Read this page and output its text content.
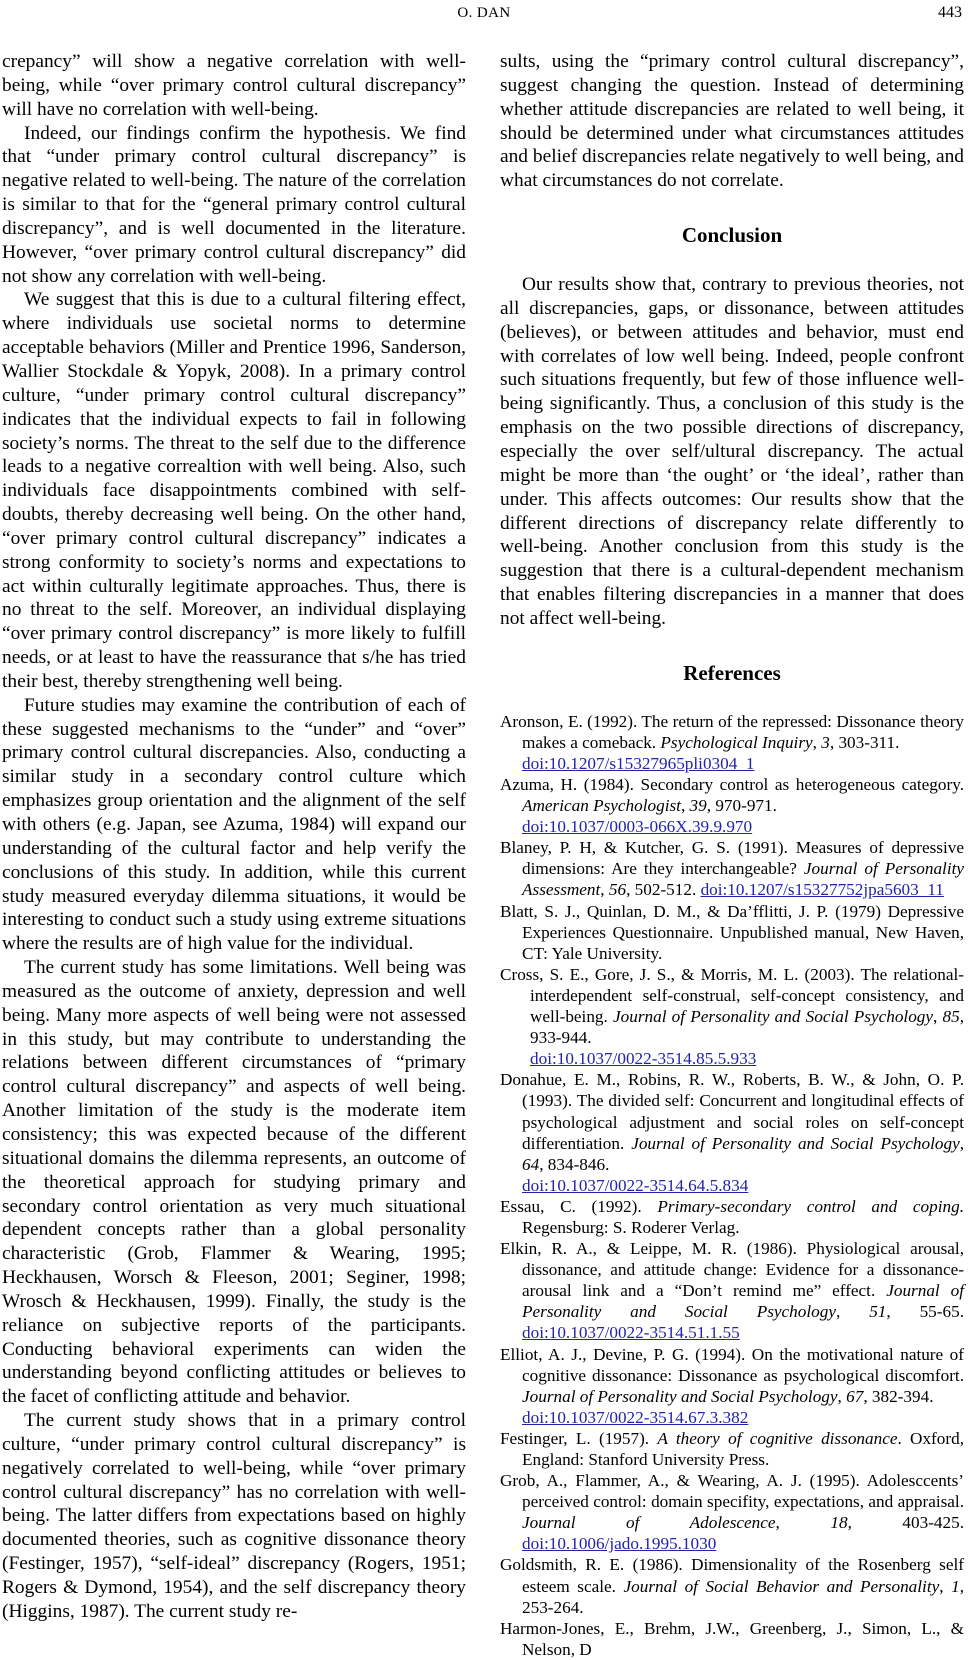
O. DAN	443

crepancy” will show a negative correlation with well-being, while “over primary control cultural discrepancy” will have no correlation with well-being.

Indeed, our findings confirm the hypothesis. We find that “under primary control cultural discrepancy” is negative related to well-being. The nature of the correlation is similar to that for the “general primary control cultural discrepancy”, and is well documented in the literature. However, “over primary control cultural discrepancy” did not show any correlation with well-being.

We suggest that this is due to a cultural filtering effect, where individuals use societal norms to determine acceptable behaviors (Miller and Prentice 1996, Sanderson, Wallier Stockdale & Yopyk, 2008). In a primary control culture, “under primary control cultural discrepancy” indicates that the individual expects to fail in following society’s norms. The threat to the self due to the difference leads to a negative correaltion with well being. Also, such individuals face disappointments combined with self-doubts, thereby decreasing well being. On the other hand, “over primary control cultural discrepancy” indicates a strong conformity to society’s norms and expectations to act within culturally legitimate approaches. Thus, there is no threat to the self. Moreover, an individual displaying “over primary control discrepancy” is more likely to fulfill needs, or at least to have the reassurance that s/he has tried their best, thereby strengthening well being.

Future studies may examine the contribution of each of these suggested mechanisms to the “under” and “over” primary control cultural discrepancies. Also, conducting a similar study in a secondary control culture which emphasizes group orientation and the alignment of the self with others (e.g. Japan, see Azuma, 1984) will expand our understanding of the cultural factor and help verify the conclusions of this study. In addition, while this current study measured everyday dilemma situations, it would be interesting to conduct such a study using extreme situations where the results are of high value for the individual.

The current study has some limitations. Well being was measured as the outcome of anxiety, depression and well being. Many more aspects of well being were not assessed in this study, but may contribute to understanding the relations between different circumstances of “primary control cultural discrepancy” and aspects of well being. Another limitation of the study is the moderate item consistency; this was expected because of the different situational domains the dilemma represents, an outcome of the theoretical approach for studying primary and secondary control orientation as very much situational dependent concepts rather than a global personality characteristic (Grob, Flammer & Wearing, 1995; Heckhausen, Worsch & Fleeson, 2001; Seginer, 1998; Wrosch & Heckhausen, 1999). Finally, the study is the reliance on subjective reports of the participants. Conducting behavioral experiments can widen the understanding beyond conflicting attitudes or believes to the facet of conflicting attitude and behavior.

The current study shows that in a primary control culture, “under primary control cultural discrepancy” is negatively correlated to well-being, while “over primary control cultural discrepancy” has no correlation with well-being. The latter differs from expectations based on highly documented theories, such as cognitive dissonance theory (Festinger, 1957), “self-ideal” discrepancy (Rogers, 1951; Rogers & Dymond, 1954), and the self discrepancy theory (Higgins, 1987). The current study re-

sults, using the “primary control cultural discrepancy”, suggest changing the question. Instead of determining whether attitude discrepancies are related to well being, it should be determined under what circumstances attitudes and belief discrepancies relate negatively to well being, and what circumstances do not correlate.

Conclusion

Our results show that, contrary to previous theories, not all discrepancies, gaps, or dissonance, between attitudes (believes), or between attitudes and behavior, must end with correlates of low well being. Indeed, people confront such situations frequently, but few of those influence well-being significantly. Thus, a conclusion of this study is the emphasis on the two possible directions of discrepancy, especially the over self/ultural discrepancy. The actual might be more than ‘the ought’ or ‘the ideal’, rather than under. This affects outcomes: Our results show that the different directions of discrepancy relate differently to well-being. Another conclusion from this study is the suggestion that there is a cultural-dependent mechanism that enables filtering discrepancies in a manner that does not affect well-being.

References
Aronson, E. (1992). The return of the repressed: Dissonance theory makes a comeback. Psychological Inquiry, 3, 303-311.
doi:10.1207/s15327965pli0304_1
Azuma, H. (1984). Secondary control as heterogeneous category. American Psychologist, 39, 970-971.
doi:10.1037/0003-066X.39.9.970
Blaney, P. H, & Kutcher, G. S. (1991). Measures of depressive dimensions: Are they interchangeable? Journal of Personality Assessment, 56, 502-512. doi:10.1207/s15327752jpa5603_11
Blatt, S. J., Quinlan, D. M., & Da’fflitti, J. P. (1979) Depressive Experiences Questionnaire. Unpublished manual, New Haven, CT: Yale University.
Cross, S. E., Gore, J. S., & Morris, M. L. (2003). The relational- interdependent self-construal, self-concept consistency, and well-being. Journal of Personality and Social Psychology, 85, 933-944.
doi:10.1037/0022-3514.85.5.933
Donahue, E. M., Robins, R. W., Roberts, B. W., & John, O. P. (1993). The divided self: Concurrent and longitudinal effects of psychological adjustment and social roles on self-concept differentiation. Journal of Personality and Social Psychology, 64, 834-846.
doi:10.1037/0022-3514.64.5.834
Essau, C. (1992). Primary-secondary control and coping. Regensburg: S. Roderer Verlag.
Elkin, R. A., & Leippe, M. R. (1986). Physiological arousal, dissonance, and attitude change: Evidence for a dissonance-arousal link and a “Don’t remind me” effect. Journal of Personality and Social Psychology, 51, 55-65. doi:10.1037/0022-3514.51.1.55
Elliot, A. J., Devine, P. G. (1994). On the motivational nature of cognitive dissonance: Dissonance as psychological discomfort. Journal of Personality and Social Psychology, 67, 382-394.
doi:10.1037/0022-3514.67.3.382
Festinger, L. (1957). A theory of cognitive dissonance. Oxford, England: Stanford University Press.
Grob, A., Flammer, A., & Wearing, A. J. (1995). Adolesccents’ perceived control: domain specifity, expectations, and appraisal. Journal of Adolescence, 18, 403-425. doi:10.1006/jado.1995.1030
Goldsmith, R. E. (1986). Dimensionality of the Rosenberg self esteem scale. Journal of Social Behavior and Personality, 1, 253-264.
Harmon-Jones, E., Brehm, J.W., Greenberg, J., Simon, L., & Nelson, D
